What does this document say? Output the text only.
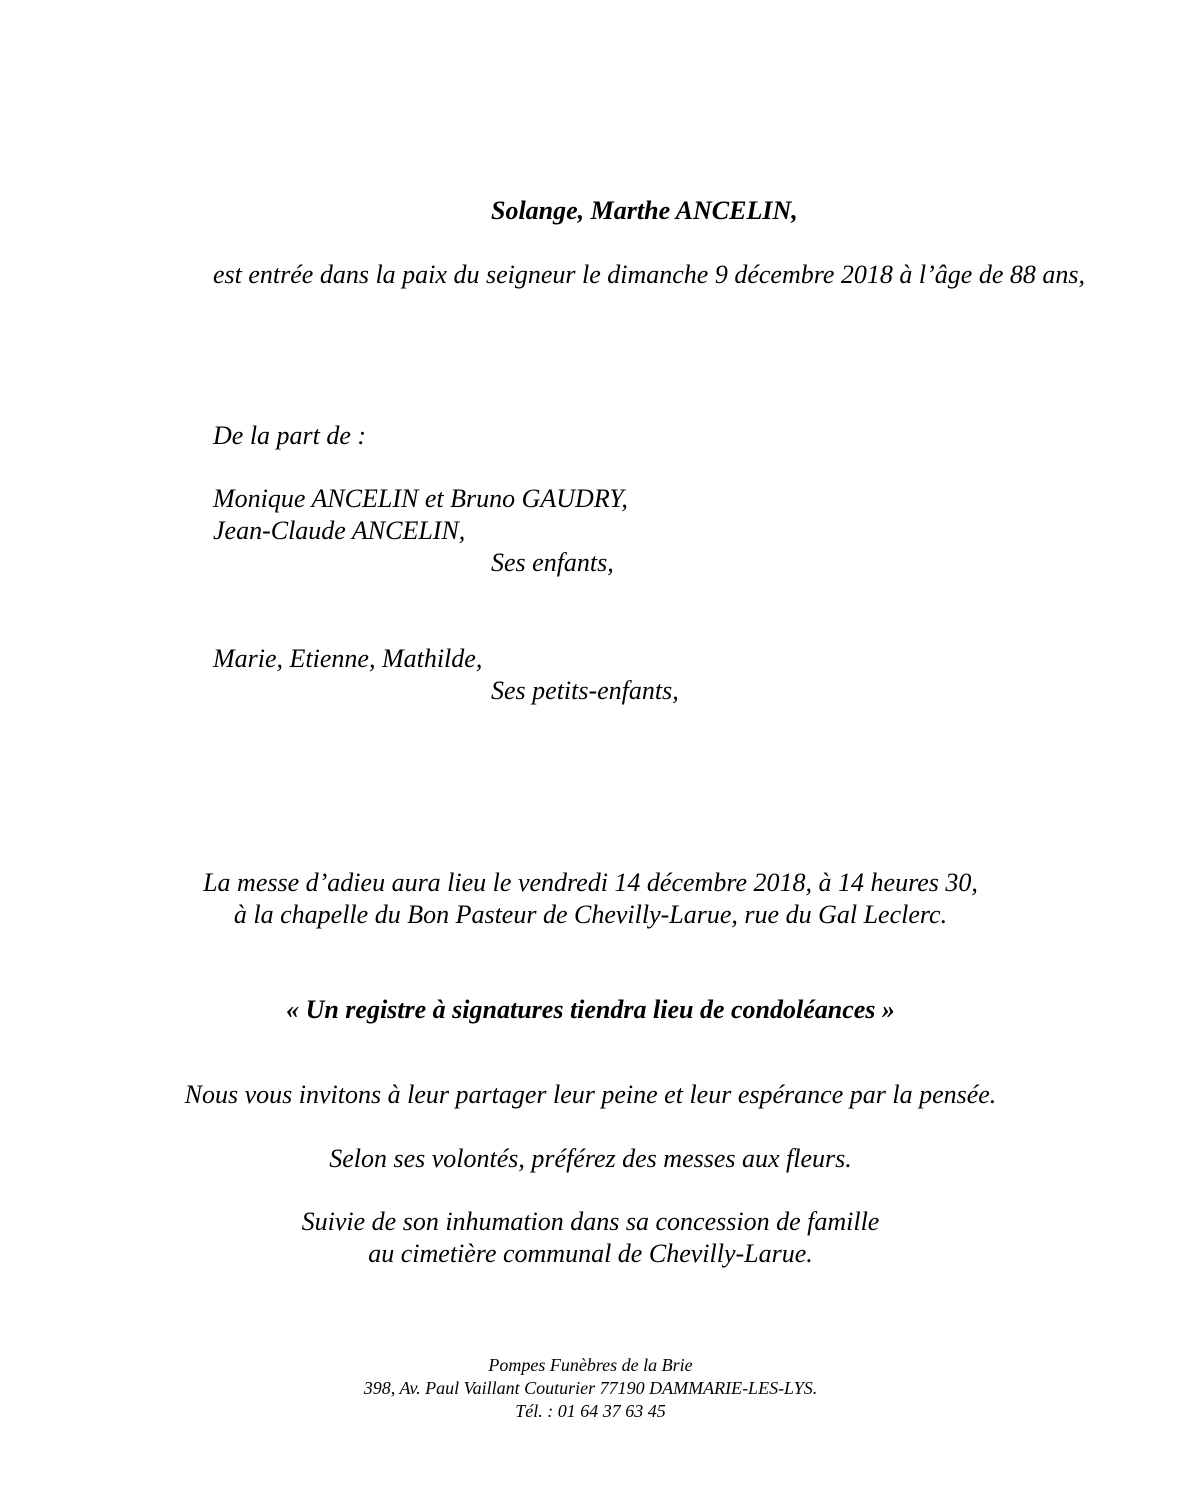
Solange, Marthe ANCELIN,

est entrée dans la paix du seigneur le dimanche 9 décembre 2018 à l’âge de 88 ans,

De la part de :

Monique ANCELIN et Bruno GAUDRY,

Jean-Claude ANCELIN,

Ses enfants,

Marie, Etienne, Mathilde,

Ses petits-enfants,

La messe d’adieu aura lieu le vendredi 14 décembre 2018, à 14 heures 30,

à la chapelle du Bon Pasteur de Chevilly-Larue, rue du Gal Leclerc.

« Un registre à signatures tiendra lieu de condoléances »

Nous vous invitons à leur partager leur peine et leur espérance par la pensée.

Selon ses volontés, préférez des messes aux fleurs.

Suivie de son inhumation dans sa concession de famille

au cimetière communal de Chevilly-Larue.

Pompes Funèbres de la Brie

398, Av. Paul Vaillant Couturier 77190 DAMMARIE-LES-LYS.

Tél. : 01 64 37 63 45
